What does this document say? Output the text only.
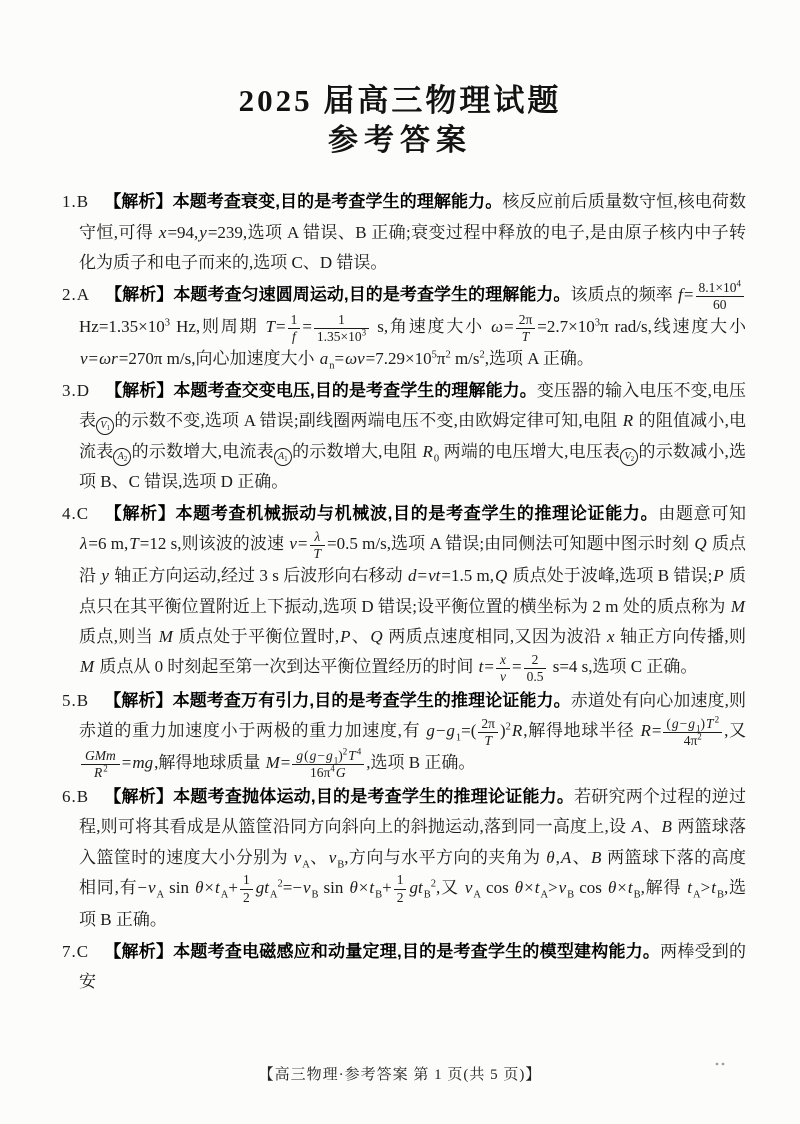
2025 届高三物理试题
参考答案
1.B 【解析】本题考查衰变,目的是考查学生的理解能力。核反应前后质量数守恒,核电荷数守恒,可得 x=94,y=239,选项 A 错误、B 正确;衰变过程中释放的电子,是由原子核内中子转化为质子和电子而来的,选项 C、D 错误。
2.A 【解析】本题考查匀速圆周运动,目的是考查学生的理解能力。该质点的频率 $f= \frac{8.1\times 10^4}{60}$
$Hz=1.35\times 10^3$ Hz,则周期 $T= \frac{1}{f} = \frac{1}{1.35\times 10^3} s$,角速度大小 $\omega= \frac{2\pi}{T} =2.7\times 10^3\pi$ rad/s,线速度大小 v=ωr=270π m/s,向心加速度大小 $a_n=\omega v=7.29\times 10^5\pi^2$ $m/s^2$,选项 A 正确。
3.D 【解析】本题考查交变电压,目的是考查学生的理解能力。变压器的输入电压不变,电压表 $V_1$ 的示数不变,选项 A 错误;副线圈两端电压不变,由欧姆定律可知,电阻 R 的阻值减小,电流表 $A_2$ 的示数增大,电流表 $A_1$ 的示数增大,电阻 $R_0$ 两端的电压增大,电压表 $V_2$ 的示数减小,选项 B、C 错误,选项 D 正确。
4.C 【解析】本题考查机械振动与机械波,目的是考查学生的推理论证能力。由题意可知 λ=6 m,T=12 s,则该波的波速 $v= \frac{\lambda}{T} =0.5$ m/s,选项 A 错误;由同侧法可知题中图示时刻 Q 质点沿 y 轴正方向运动,经过 3 s 后波形向右移动 d=vt=1.5 m,Q 质点处于波峰,选项 B 错误;P 质点只在其平衡位置附近上下振动,选项 D 错误;设平衡位置的横坐标为 2 m 处的质点称为 M 质点,则当 M 质点处于平衡位置时,P、Q 两质点速度相同,又因为波沿 x 轴正方向传播,则 M 质点从 0 时刻起至第一次到达平衡位置经历的时间 $t= \frac{x}{v} = \frac{2}{0.5} s=4$ s,选项 C 正确。
5.B 【解析】本题考查万有引力,目的是考查学生的推理论证能力。赤道处有向心加速度,则赤道的重力加速度小于两极的重力加速度,有 $g-g_1=( \frac{2\pi}{T} )^2R$,解得地球半径 $R= \frac{(g-g_1)T^2}{4\pi^2}$ ,又
$\frac{\text{GMm}}{R^2} =mg$,解得地球质量 $M= \frac{g(g-g_1)^2T^4}{16\pi^4G}$ ,选项 B 正确。
6.B 【解析】本题考查抛体运动,目的是考查学生的推理论证能力。若研究两个过程的逆过程,则可将其看成是从篮筐沿同方向斜向上的斜抛运动,落到同一高度上,设 A、B 两篮球落入篮筐时的速度大小分别为 $v_A$、$v_B$,方向与水平方向的夹角为 θ,A、B 两篮球下落的高度相同,有$-v_A$ $\sin \theta\times t_A+ \frac{1}{2} gt_A^2=-v_B$ $\sin \theta\times t_B+ \frac{1}{2} gt_B^2$,又 $v_A$ $\cos \theta\times t_A>v_B$ $\cos \theta\times t_B$,解得 $t_A>t_B$,选项 B 正确。
7.C 【解析】本题考查电磁感应和动量定理,目的是考查学生的模型建构能力。两棒受到的安
【高三物理·参考答案 第 1 页(共 5 页)】
